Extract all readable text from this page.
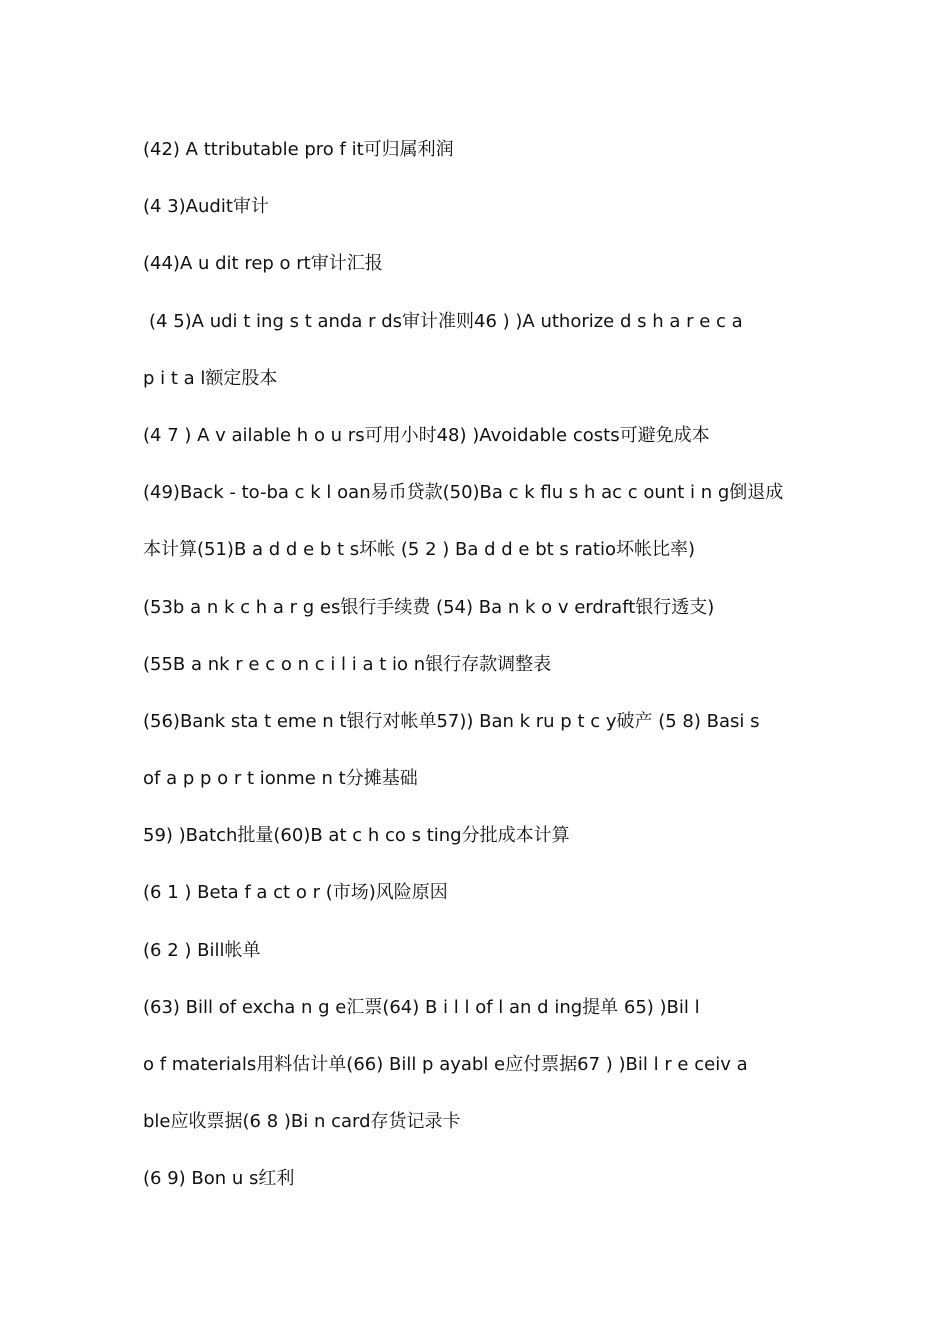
(42) A ttributable pro f it可归属利润
(4 3)Audit审计
(44)A u dit rep o rt审计汇报
(4 5)A udi t ing s t anda r ds审计准则46 ) )A uthorize d s h a r e c a
p i t a l额定股本
(4 7 ) A v ailable h o u rs可用小时48) )Avoidable costs可避免成本
(49)Back - to-ba c k l oan易币贷款(50)Ba c k flu s h ac c ount i n g倒退成
本计算(51)B a d d e b t s坏帐 (5 2 ) Ba d d e bt s ratio坏帐比率)
(53b a n k c h a r g es银行手续费 (54) Ba n k o v erdraft银行透支)
(55B a nk r e c o n c i l i a t io n银行存款调整表
(56)Bank sta t eme n t银行对帐单57)) Ban k ru p t c y破产 (5 8) Basi s
of a p p o r t ionme n t分摊基础
59) )Batch批量(60)B at c h co s ting分批成本计算
(6 1 ) Beta f a ct o r (市场)风险原因
(6 2 ) Bill帐单
(63) Bill of excha n g e汇票(64) B i l l of l an d ing提单 65) )Bil l
o f materials用料估计单(66) Bill p ayabl e应付票据67 ) )Bil l r e ceiv a
ble应收票据(6 8 )Bi n card存货记录卡
(6 9) Bon u s红利
